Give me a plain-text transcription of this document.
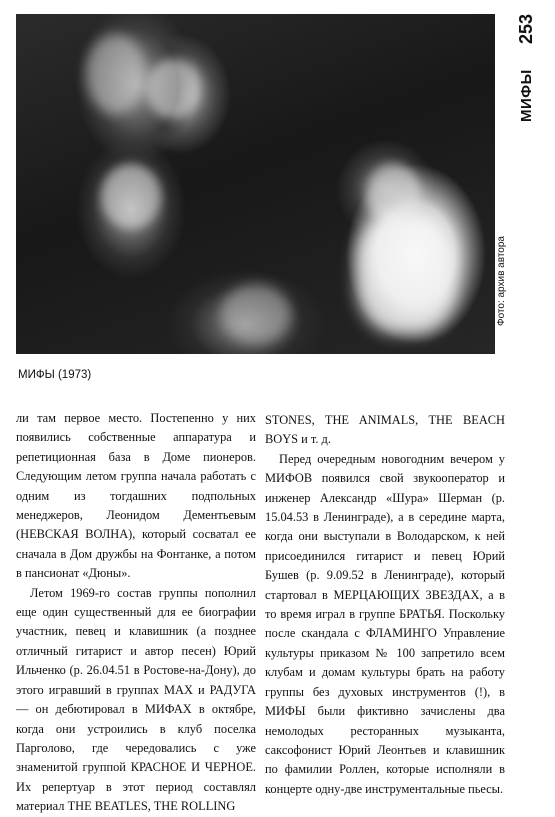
Фото: архив автора
МИФЫ
253
МИФЫ (1973)

ли там первое место. Постепенно у них появились собственные аппаратура и репетиционная база в Доме пионеров. Следующим летом группа начала работать с одним из тогдашних подпольных менеджеров, Леонидом Дементьевым (НЕВСКАЯ ВОЛНА), который сосватал ее сначала в Дом дружбы на Фонтанке, а потом в пансионат «Дюны».

Летом 1969-го состав группы пополнил еще один существенный для ее биографии участник, певец и клавишник (а позднее отличный гитарист и автор песен) Юрий Ильченко (р. 26.04.51 в Ростове-на-Дону), до этого игравший в группах МАХ и РАДУГА — он дебютировал в МИФАХ в октябре, когда они устроились в клуб поселка Парголово, где чередовались с уже знаменитой группой КРАСНОЕ И ЧЕРНОЕ. Их репертуар в этот период составлял материал THE BEATLES, THE ROLLING

STONES, THE ANIMALS, THE BEACH BOYS и т. д.

Перед очередным новогодним вечером у МИФОВ появился свой звукооператор и инженер Александр «Шура» Шерман (р. 15.04.53 в Ленинграде), а в середине марта, когда они выступали в Володарском, к ней присоединился гитарист и певец Юрий Бушев (р. 9.09.52 в Ленинграде), который стартовал в МЕРЦАЮЩИХ ЗВЕЗДАХ, а в то время играл в группе БРАТЬЯ. Поскольку после скандала с ФЛАМИНГО Управление культуры приказом № 100 запретило всем клубам и домам культуры брать на работу группы без духовых инструментов (!), в МИФЫ были фиктивно зачислены два немолодых ресторанных музыканта, саксофонист Юрий Леонтьев и клавишник по фамилии Роллен, которые исполняли в концерте одну-две инструментальные пьесы.
